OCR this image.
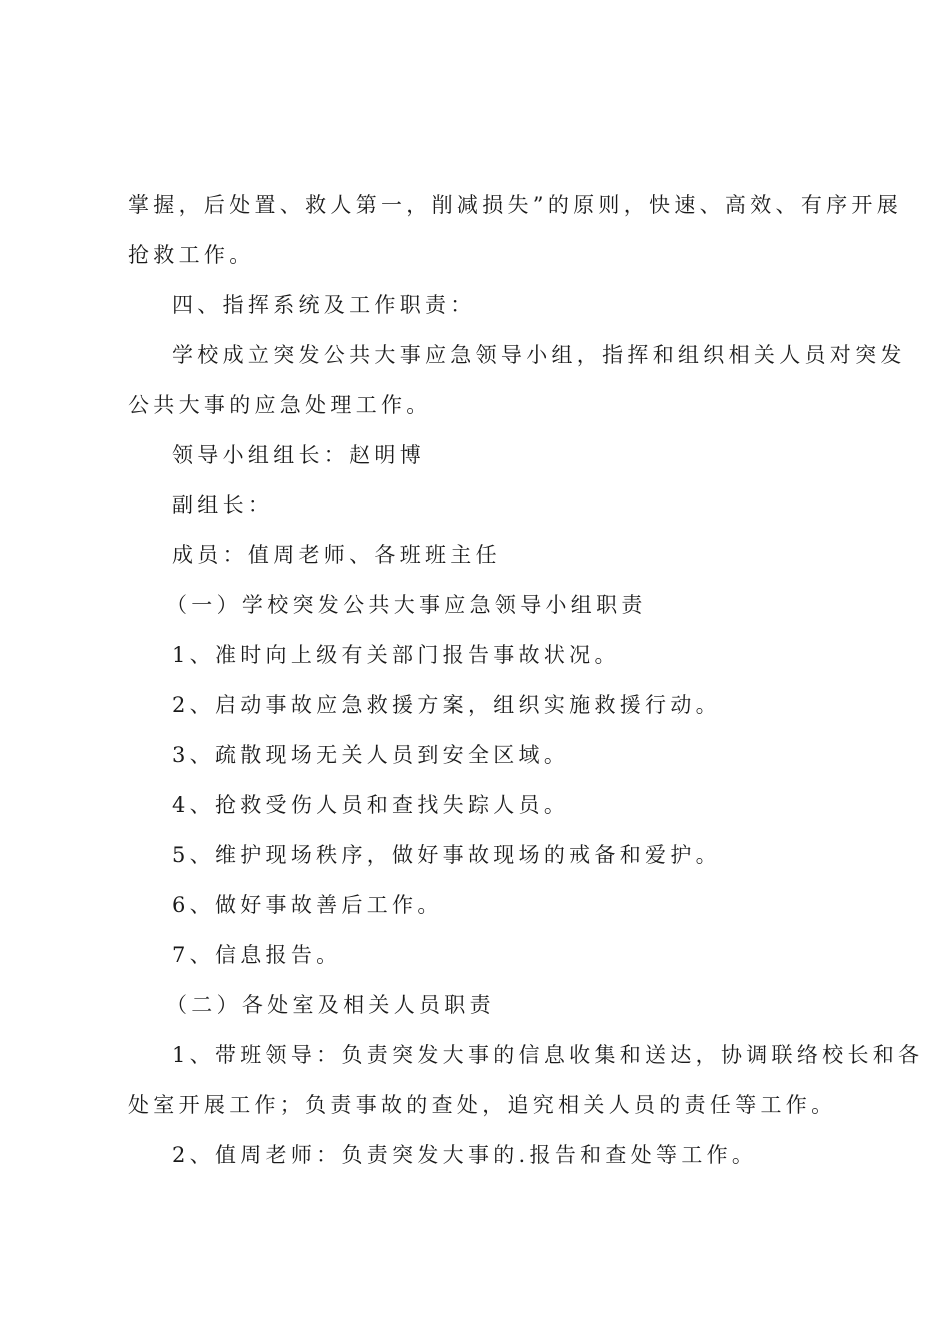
掌握，后处置、救人第一，削减损失”的原则，快速、高效、有序开展
抢救工作。

四、指挥系统及工作职责：

学校成立突发公共大事应急领导小组，指挥和组织相关人员对突发
公共大事的应急处理工作。

领导小组组长：赵明博

副组长：

成员：值周老师、各班班主任

（一）学校突发公共大事应急领导小组职责

1、准时向上级有关部门报告事故状况。

2、启动事故应急救援方案，组织实施救援行动。

3、疏散现场无关人员到安全区域。

4、抢救受伤人员和查找失踪人员。

5、维护现场秩序，做好事故现场的戒备和爱护。

6、做好事故善后工作。

7、信息报告。

（二）各处室及相关人员职责

1、带班领导：负责突发大事的信息收集和送达，协调联络校长和各
处室开展工作；负责事故的查处，追究相关人员的责任等工作。

2、值周老师：负责突发大事的.报告和查处等工作。
